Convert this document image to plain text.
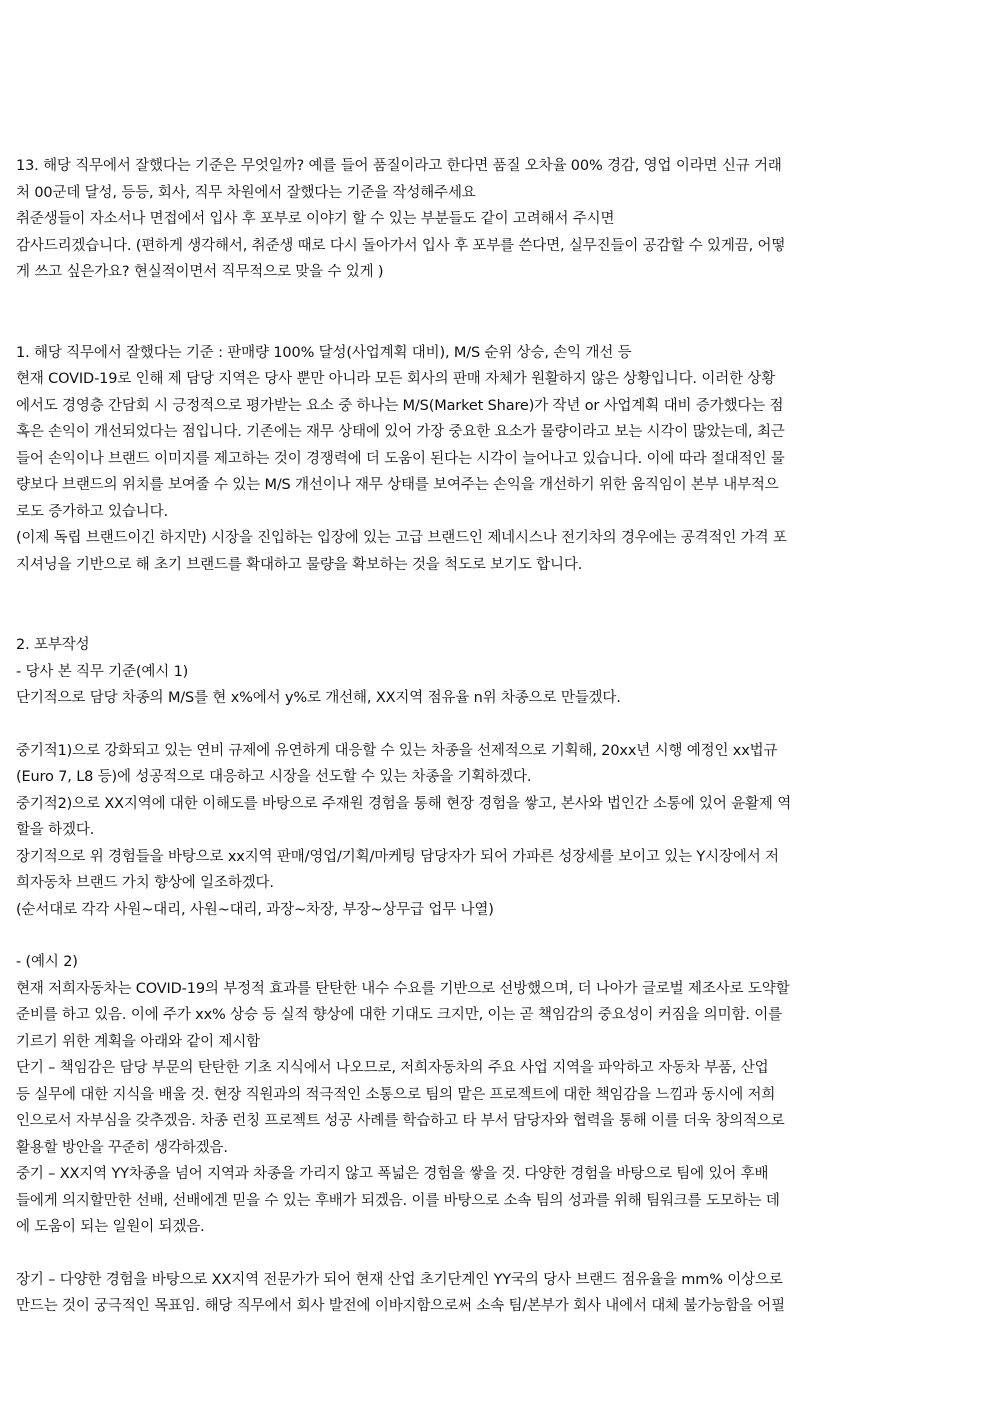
13. 해당 직무에서 잘했다는 기준은 무엇일까? 예를 들어 품질이라고 한다면 품질 오차율 00% 경감, 영업 이라면 신규 거래
처 00군데 달성, 등등, 회사, 직무 차원에서 잘했다는 기준을 작성해주세요
취준생들이 자소서나 면접에서 입사 후 포부로 이야기 할 수 있는 부분들도 같이 고려해서 주시면
감사드리겠습니다. (편하게 생각해서, 취준생 때로 다시 돌아가서 입사 후 포부를 쓴다면, 실무진들이 공감할 수 있게끔, 어떻
게 쓰고 싶은가요? 현실적이면서 직무적으로 맞을 수 있게 )

1. 해당 직무에서 잘했다는 기준 : 판매량 100% 달성(사업계획 대비), M/S 순위 상승, 손익 개선 등
현재 COVID-19로 인해 제 담당 지역은 당사 뿐만 아니라 모든 회사의 판매 자체가 원활하지 않은 상황입니다. 이러한 상황
에서도 경영층 간담회 시 긍정적으로 평가받는 요소 중 하나는 M/S(Market Share)가 작년 or 사업계획 대비 증가했다는 점
혹은 손익이 개선되었다는 점입니다. 기존에는 재무 상태에 있어 가장 중요한 요소가 물량이라고 보는 시각이 많았는데, 최근
들어 손익이나 브랜드 이미지를 제고하는 것이 경쟁력에 더 도움이 된다는 시각이 늘어나고 있습니다. 이에 따라 절대적인 물
량보다 브랜드의 위치를 보여줄 수 있는 M/S 개선이나 재무 상태를 보여주는 손익을 개선하기 위한 움직임이 본부 내부적으
로도 증가하고 있습니다.
(이제 독립 브랜드이긴 하지만) 시장을 진입하는 입장에 있는 고급 브랜드인 제네시스나 전기차의 경우에는 공격적인 가격 포
지셔닝을 기반으로 해 초기 브랜드를 확대하고 물량을 확보하는 것을 척도로 보기도 합니다.

2. 포부작성
- 당사 본 직무 기준(예시 1)
단기적으로 담당 차종의 M/S를 현 x%에서 y%로 개선해, XX지역 점유율 n위 차종으로 만들겠다.

중기적1)으로 강화되고 있는 연비 규제에 유연하게 대응할 수 있는 차종을 선제적으로 기획해, 20xx년 시행 예정인 xx법규
(Euro 7, L8 등)에 성공적으로 대응하고 시장을 선도할 수 있는 차종을 기획하겠다.
중기적2)으로 XX지역에 대한 이해도를 바탕으로 주재원 경험을 통해 현장 경험을 쌓고, 본사와 법인간 소통에 있어 윤활제 역
할을 하겠다.
장기적으로 위 경험들을 바탕으로 xx지역 판매/영업/기획/마케팅 담당자가 되어 가파른 성장세를 보이고 있는 Y시장에서 저
희자동차 브랜드 가치 향상에 일조하겠다.
(순서대로 각각 사원~대리, 사원~대리, 과장~차장, 부장~상무급 업무 나열)

- (예시 2)
현재 저희자동차는 COVID-19의 부정적 효과를 탄탄한 내수 수요를 기반으로 선방했으며, 더 나아가 글로벌 제조사로 도약할
준비를 하고 있음. 이에 주가 xx% 상승 등 실적 향상에 대한 기대도 크지만, 이는 곧 책임감의 중요성이 커짐을 의미함. 이를
기르기 위한 계획을 아래와 같이 제시함
단기 – 책임감은 담당 부문의 탄탄한 기초 지식에서 나오므로, 저희자동차의 주요 사업 지역을 파악하고 자동차 부품, 산업
등 실무에 대한 지식을 배울 것. 현장 직원과의 적극적인 소통으로 팀의 맡은 프로젝트에 대한 책임감을 느낌과 동시에 저희
인으로서 자부심을 갖추겠음. 차종 런칭 프로젝트 성공 사례를 학습하고 타 부서 담당자와 협력을 통해 이를 더욱 창의적으로
활용할 방안을 꾸준히 생각하겠음.
중기 – XX지역 YY차종을 넘어 지역과 차종을 가리지 않고 폭넓은 경험을 쌓을 것. 다양한 경험을 바탕으로 팀에 있어 후배
들에게 의지할만한 선배, 선배에겐 믿을 수 있는 후배가 되겠음. 이를 바탕으로 소속 팀의 성과를 위해 팀워크를 도모하는 데
에 도움이 되는 일원이 되겠음.

장기 – 다양한 경험을 바탕으로 XX지역 전문가가 되어 현재 산업 초기단계인 YY국의 당사 브랜드 점유율을 mm% 이상으로
만드는 것이 궁극적인 목표임. 해당 직무에서 회사 발전에 이바지함으로써 소속 팀/본부가 회사 내에서 대체 불가능함을 어필
